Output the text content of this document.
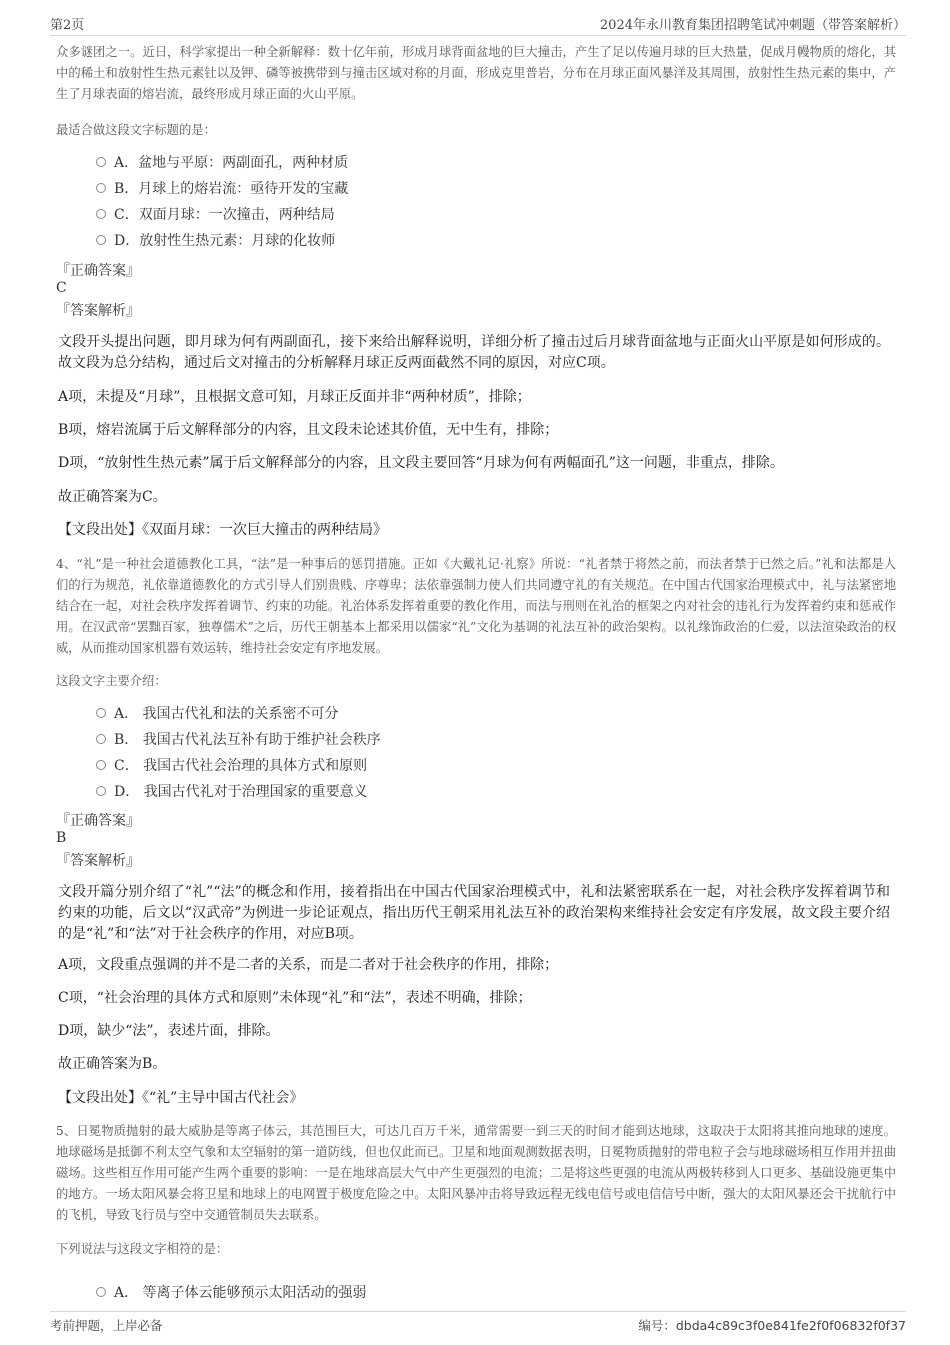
第2页	2024年永川教育集团招聘笔试冲刺题（带答案解析）
众多谜团之一。近日，科学家提出一种全新解释：数十亿年前，形成月球背面盆地的巨大撞击，产生了足以传遍月球的巨大热量，促成月幔物质的熔化，其中的稀土和放射性生热元素钍以及钾、磷等被携带到与撞击区域对称的月面，形成克里普岩，分布在月球正面风暴洋及其周围，放射性生热元素的集中，产生了月球表面的熔岩流，最终形成月球正面的火山平原。
最适合做这段文字标题的是：
A．盆地与平原：两副面孔，两种材质
B．月球上的熔岩流：亟待开发的宝藏
C．双面月球：一次撞击，两种结局
D．放射性生热元素：月球的化妆师
『正确答案』
C
『答案解析』
文段开头提出问题，即月球为何有两副面孔，接下来给出解释说明，详细分析了撞击过后月球背面盆地与正面火山平原是如何形成的。故文段为总分结构，通过后文对撞击的分析解释月球正反两面截然不同的原因，对应C项。
A项，未提及“月球”，且根据文意可知，月球正反面并非“两种材质”，排除；
B项，熔岩流属于后文解释部分的内容，且文段未论述其价值，无中生有，排除；
D项，“放射性生热元素”属于后文解释部分的内容，且文段主要回答“月球为何有两幅面孔”这一问题，非重点，排除。
故正确答案为C。
【文段出处】《双面月球：一次巨大撞击的两种结局》
4、“礼”是一种社会道德教化工具，“法”是一种事后的惩罚措施。正如《大戴礼记·礼察》所说：“礼者禁于将然之前，而法者禁于已然之后。”礼和法都是人们的行为规范，礼依靠道德教化的方式引导人们别贵贱、序尊卑；法依靠强制力使人们共同遵守礼的有关规范。在中国古代国家治理模式中，礼与法紧密地结合在一起，对社会秩序发挥着调节、约束的功能。礼治体系发挥着重要的教化作用，而法与刑则在礼治的框架之内对社会的违礼行为发挥着约束和惩戒作用。在汉武帝“罢黜百家，独尊儒术”之后，历代王朝基本上都采用以儒家“礼”文化为基调的礼法互补的政治架构。以礼缘饰政治的仁爱，以法渲染政治的权威，从而推动国家机器有效运转，维持社会安定有序地发展。
这段文字主要介绍：
A． 我国古代礼和法的关系密不可分
B． 我国古代礼法互补有助于维护社会秩序
C． 我国古代社会治理的具体方式和原则
D． 我国古代礼对于治理国家的重要意义
『正确答案』
B
『答案解析』
文段开篇分别介绍了“礼”“法”的概念和作用，接着指出在中国古代国家治理模式中，礼和法紧密联系在一起，对社会秩序发挥着调节和约束的功能，后文以“汉武帝”为例进一步论证观点，指出历代王朝采用礼法互补的政治架构来维持社会安定有序发展，故文段主要介绍的是“礼”和“法”对于社会秩序的作用，对应B项。
A项，文段重点强调的并不是二者的关系，而是二者对于社会秩序的作用，排除；
C项，“社会治理的具体方式和原则”未体现“礼”和“法”，表述不明确，排除；
D项，缺少“法”，表述片面，排除。
故正确答案为B。
【文段出处】《“礼”主导中国古代社会》
5、日冕物质抛射的最大威胁是等离子体云，其范围巨大，可达几百万千米，通常需要一到三天的时间才能到达地球，这取决于太阳将其推向地球的速度。地球磁场是抵御不利太空气象和太空辐射的第一道防线，但也仅此而已。卫星和地面观测数据表明，日冕物质抛射的带电粒子会与地球磁场相互作用并扭曲磁场。这些相互作用可能产生两个重要的影响：一是在地球高层大气中产生更强烈的电流；二是将这些更强的电流从两极转移到人口更多、基础设施更集中的地方。一场太阳风暴会将卫星和地球上的电网置于极度危险之中。太阳风暴冲击将导致远程无线电信号或电信信号中断，强大的太阳风暴还会干扰航行中的飞机，导致飞行员与空中交通管制员失去联系。
下列说法与这段文字相符的是：
A． 等离子体云能够预示太阳活动的强弱
考前押题，上岸必备	编号：dbda4c89c3f0e841fe2f0f06832f0f37
